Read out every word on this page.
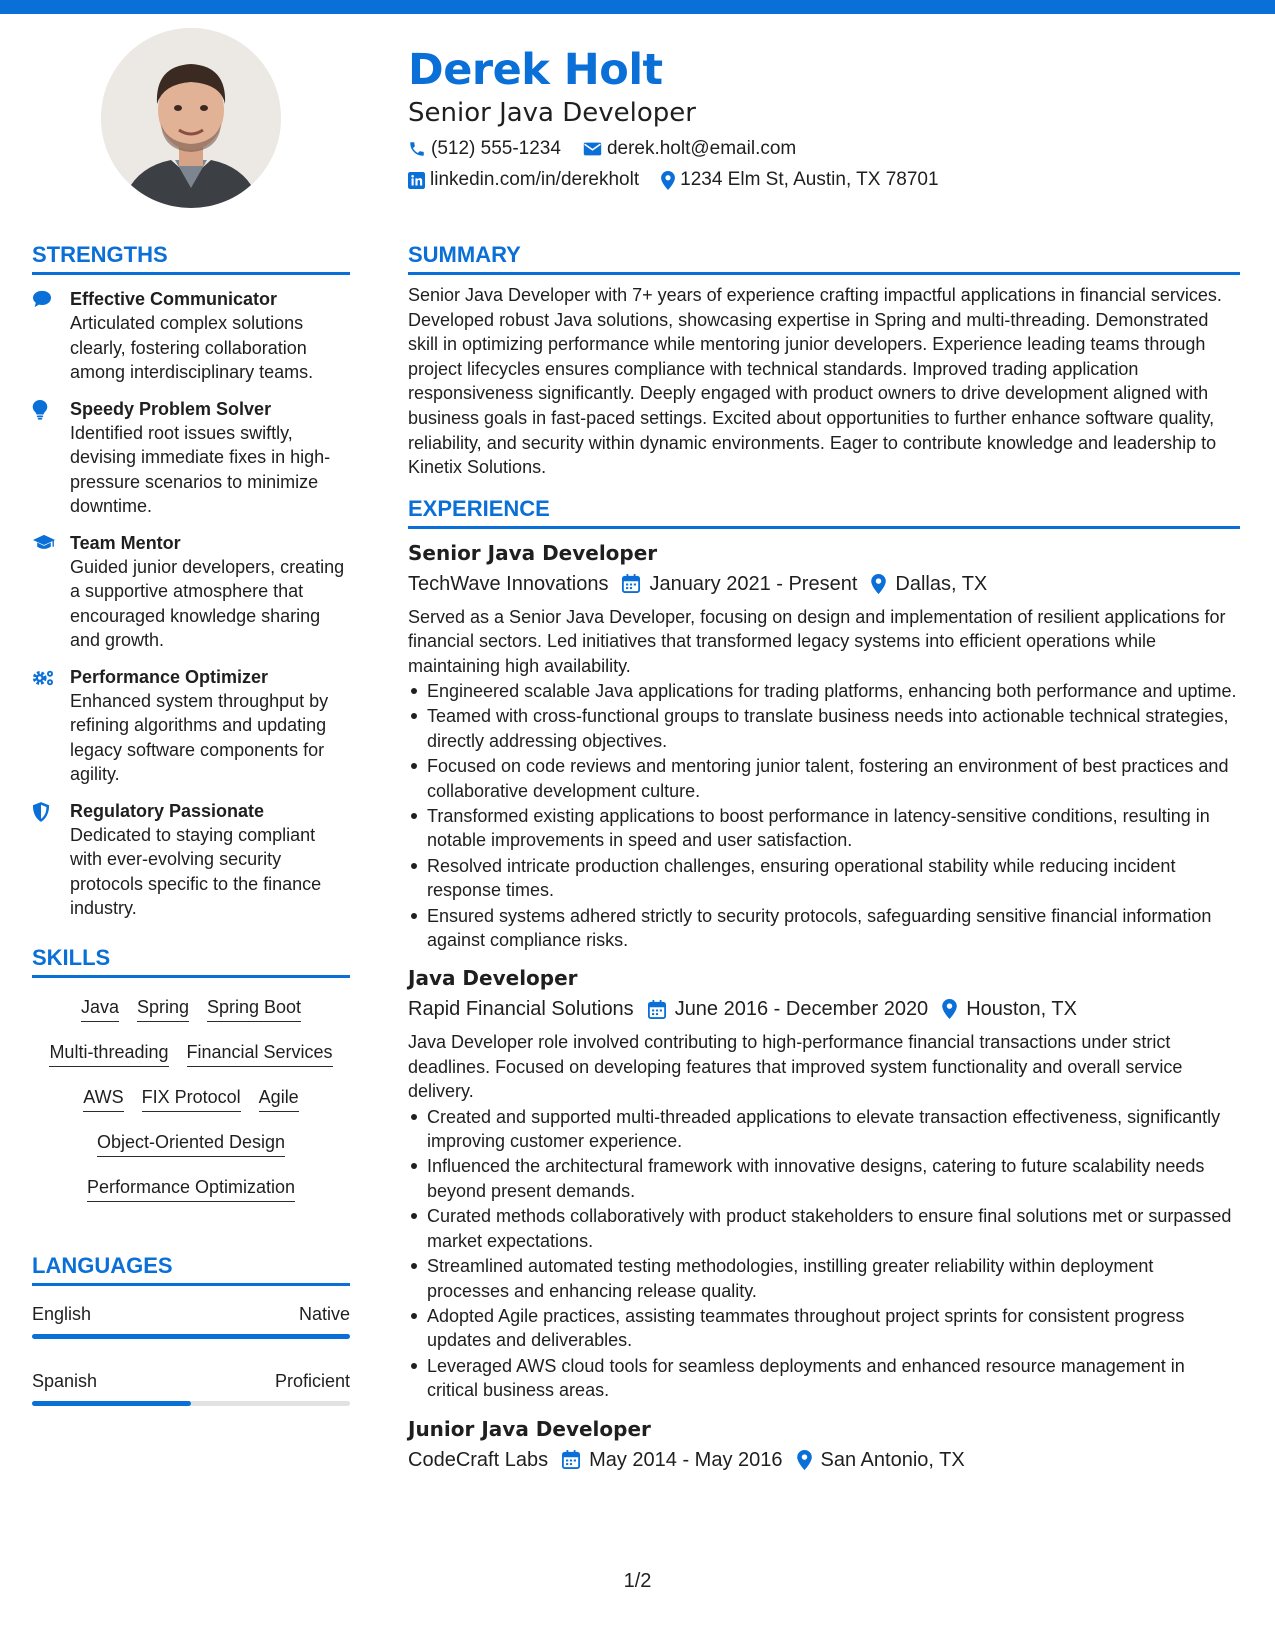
Derek Holt
Senior Java Developer
(512) 555-1234 derek.holt@email.com
linkedin.com/in/derekholt 1234 Elm St, Austin, TX 78701
STRENGTHS
Effective Communicator
Articulated complex solutions clearly, fostering collaboration among interdisciplinary teams.
Speedy Problem Solver
Identified root issues swiftly, devising immediate fixes in high-pressure scenarios to minimize downtime.
Team Mentor
Guided junior developers, creating a supportive atmosphere that encouraged knowledge sharing and growth.
Performance Optimizer
Enhanced system throughput by refining algorithms and updating legacy software components for agility.
Regulatory Passionate
Dedicated to staying compliant with ever-evolving security protocols specific to the finance industry.
SKILLS
Java Spring Spring Boot
Multi-threading Financial Services
AWS FIX Protocol Agile
Object-Oriented Design
Performance Optimization
LANGUAGES
English	Native
Spanish	Proficient
SUMMARY
Senior Java Developer with 7+ years of experience crafting impactful applications in financial services. Developed robust Java solutions, showcasing expertise in Spring and multi-threading. Demonstrated skill in optimizing performance while mentoring junior developers. Experience leading teams through project lifecycles ensures compliance with technical standards. Improved trading application responsiveness significantly. Deeply engaged with product owners to drive development aligned with business goals in fast-paced settings. Excited about opportunities to further enhance software quality, reliability, and security within dynamic environments. Eager to contribute knowledge and leadership to Kinetix Solutions.
EXPERIENCE
Senior Java Developer
TechWave Innovations January 2021 - Present Dallas, TX
Served as a Senior Java Developer, focusing on design and implementation of resilient applications for financial sectors. Led initiatives that transformed legacy systems into efficient operations while maintaining high availability.
Engineered scalable Java applications for trading platforms, enhancing both performance and uptime.
Teamed with cross-functional groups to translate business needs into actionable technical strategies, directly addressing objectives.
Focused on code reviews and mentoring junior talent, fostering an environment of best practices and collaborative development culture.
Transformed existing applications to boost performance in latency-sensitive conditions, resulting in notable improvements in speed and user satisfaction.
Resolved intricate production challenges, ensuring operational stability while reducing incident response times.
Ensured systems adhered strictly to security protocols, safeguarding sensitive financial information against compliance risks.
Java Developer
Rapid Financial Solutions June 2016 - December 2020 Houston, TX
Java Developer role involved contributing to high-performance financial transactions under strict deadlines. Focused on developing features that improved system functionality and overall service delivery.
Created and supported multi-threaded applications to elevate transaction effectiveness, significantly improving customer experience.
Influenced the architectural framework with innovative designs, catering to future scalability needs beyond present demands.
Curated methods collaboratively with product stakeholders to ensure final solutions met or surpassed market expectations.
Streamlined automated testing methodologies, instilling greater reliability within deployment processes and enhancing release quality.
Adopted Agile practices, assisting teammates throughout project sprints for consistent progress updates and deliverables.
Leveraged AWS cloud tools for seamless deployments and enhanced resource management in critical business areas.
Junior Java Developer
CodeCraft Labs May 2014 - May 2016 San Antonio, TX
1/2
